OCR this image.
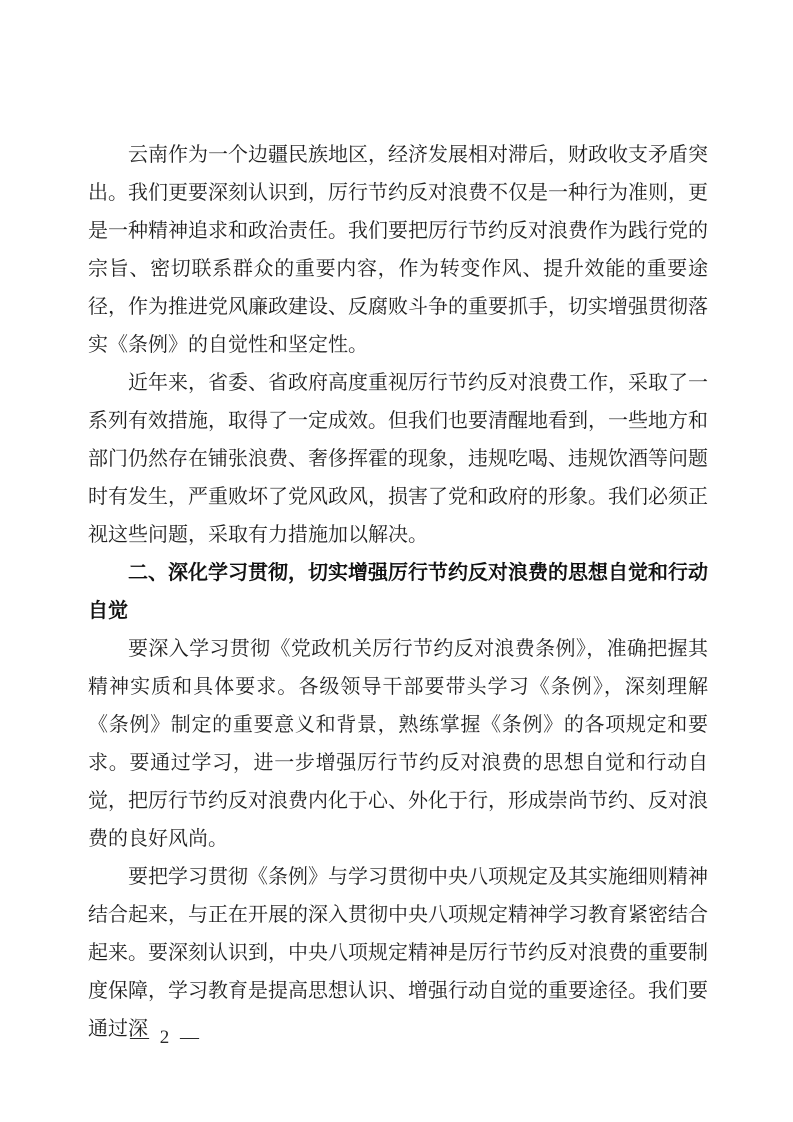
云南作为一个边疆民族地区，经济发展相对滞后，财政收支矛盾突出。我们更要深刻认识到，厉行节约反对浪费不仅是一种行为准则，更是一种精神追求和政治责任。我们要把厉行节约反对浪费作为践行党的宗旨、密切联系群众的重要内容，作为转变作风、提升效能的重要途径，作为推进党风廉政建设、反腐败斗争的重要抓手，切实增强贯彻落实《条例》的自觉性和坚定性。

近年来，省委、省政府高度重视厉行节约反对浪费工作，采取了一系列有效措施，取得了一定成效。但我们也要清醒地看到，一些地方和部门仍然存在铺张浪费、奢侈挥霍的现象，违规吃喝、违规饮酒等问题时有发生，严重败坏了党风政风，损害了党和政府的形象。我们必须正视这些问题，采取有力措施加以解决。

二、深化学习贯彻，切实增强厉行节约反对浪费的思想自觉和行动自觉

要深入学习贯彻《党政机关厉行节约反对浪费条例》，准确把握其精神实质和具体要求。各级领导干部要带头学习《条例》，深刻理解《条例》制定的重要意义和背景，熟练掌握《条例》的各项规定和要求。要通过学习，进一步增强厉行节约反对浪费的思想自觉和行动自觉，把厉行节约反对浪费内化于心、外化于行，形成崇尚节约、反对浪费的良好风尚。

要把学习贯彻《条例》与学习贯彻中央八项规定及其实施细则精神结合起来，与正在开展的深入贯彻中央八项规定精神学习教育紧密结合起来。要深刻认识到，中央八项规定精神是厉行节约反对浪费的重要制度保障，学习教育是提高思想认识、增强行动自觉的重要途径。我们要通过深

— 2 —
